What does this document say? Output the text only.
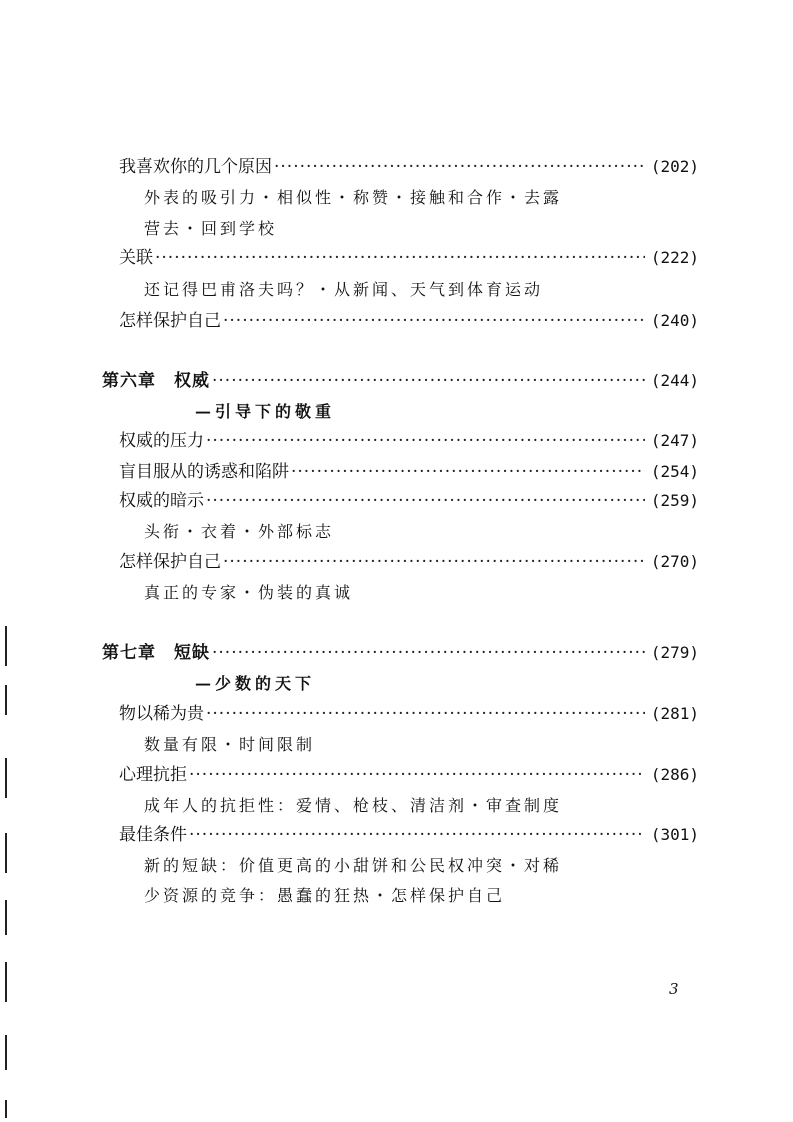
我喜欢你的几个原因 ·····	(202)
外表的吸引力・相似性・称赞・接触和合作・去露
营去・回到学校
关联 ·····	(222)
还记得巴甫洛夫吗？・从新闻、天气到体育运动
怎样保护自己 ·····	(240)
第六章 权威 ·····	(244)
—引导下的敬重
权威的压力 ·····	(247)
盲目服从的诱惑和陷阱 ·····	(254)
权威的暗示 ·····	(259)
头衔・衣着・外部标志
怎样保护自己 ·····	(270)
真正的专家・伪装的真诚
第七章 短缺 ·····	(279)
—少数的天下
物以稀为贵 ·····	(281)
数量有限・时间限制
心理抗拒 ·····	(286)
成年人的抗拒性：爱情、枪枝、清洁剂・审查制度
最佳条件 ·····	(301)
新的短缺：价值更高的小甜饼和公民权冲突・对稀
少资源的竞争：愚蠢的狂热・怎样保护自己
3
